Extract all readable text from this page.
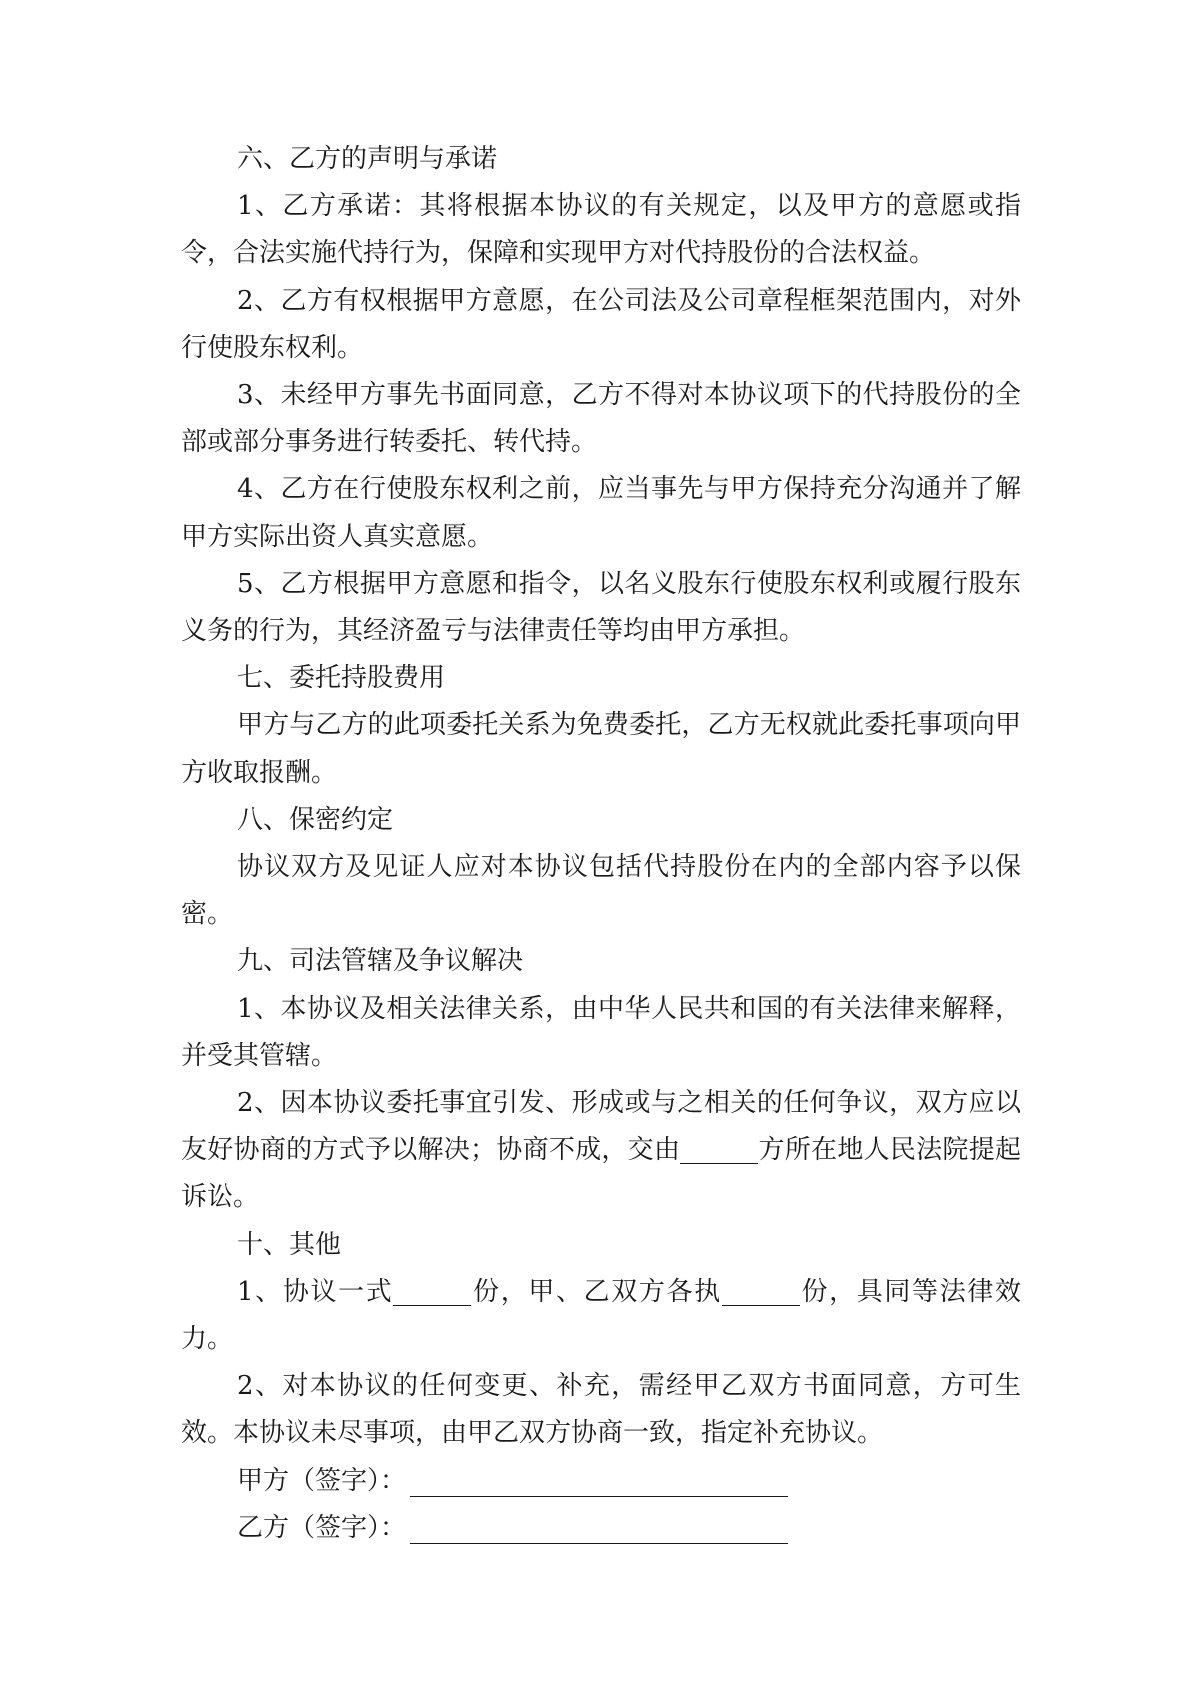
六、乙方的声明与承诺

1、乙方承诺：其将根据本协议的有关规定，以及甲方的意愿或指令，合法实施代持行为，保障和实现甲方对代持股份的合法权益。

2、乙方有权根据甲方意愿，在公司法及公司章程框架范围内，对外行使股东权利。

3、未经甲方事先书面同意，乙方不得对本协议项下的代持股份的全部或部分事务进行转委托、转代持。

4、乙方在行使股东权利之前，应当事先与甲方保持充分沟通并了解甲方实际出资人真实意愿。

5、乙方根据甲方意愿和指令，以名义股东行使股东权利或履行股东义务的行为，其经济盈亏与法律责任等均由甲方承担。

七、委托持股费用

甲方与乙方的此项委托关系为免费委托，乙方无权就此委托事项向甲方收取报酬。

八、保密约定

协议双方及见证人应对本协议包括代持股份在内的全部内容予以保密。

九、司法管辖及争议解决

1、本协议及相关法律关系，由中华人民共和国的有关法律来解释，并受其管辖。

2、因本协议委托事宜引发、形成或与之相关的任何争议，双方应以友好协商的方式予以解决；协商不成，交由	方所在地人民法院提起诉讼。

十、其他

1、协议一式	份，甲、乙双方各执	份，具同等法律效力。

2、对本协议的任何变更、补充，需经甲乙双方书面同意，方可生效。本协议未尽事项，由甲乙双方协商一致，指定补充协议。

甲方（签字）：

乙方（签字）：
